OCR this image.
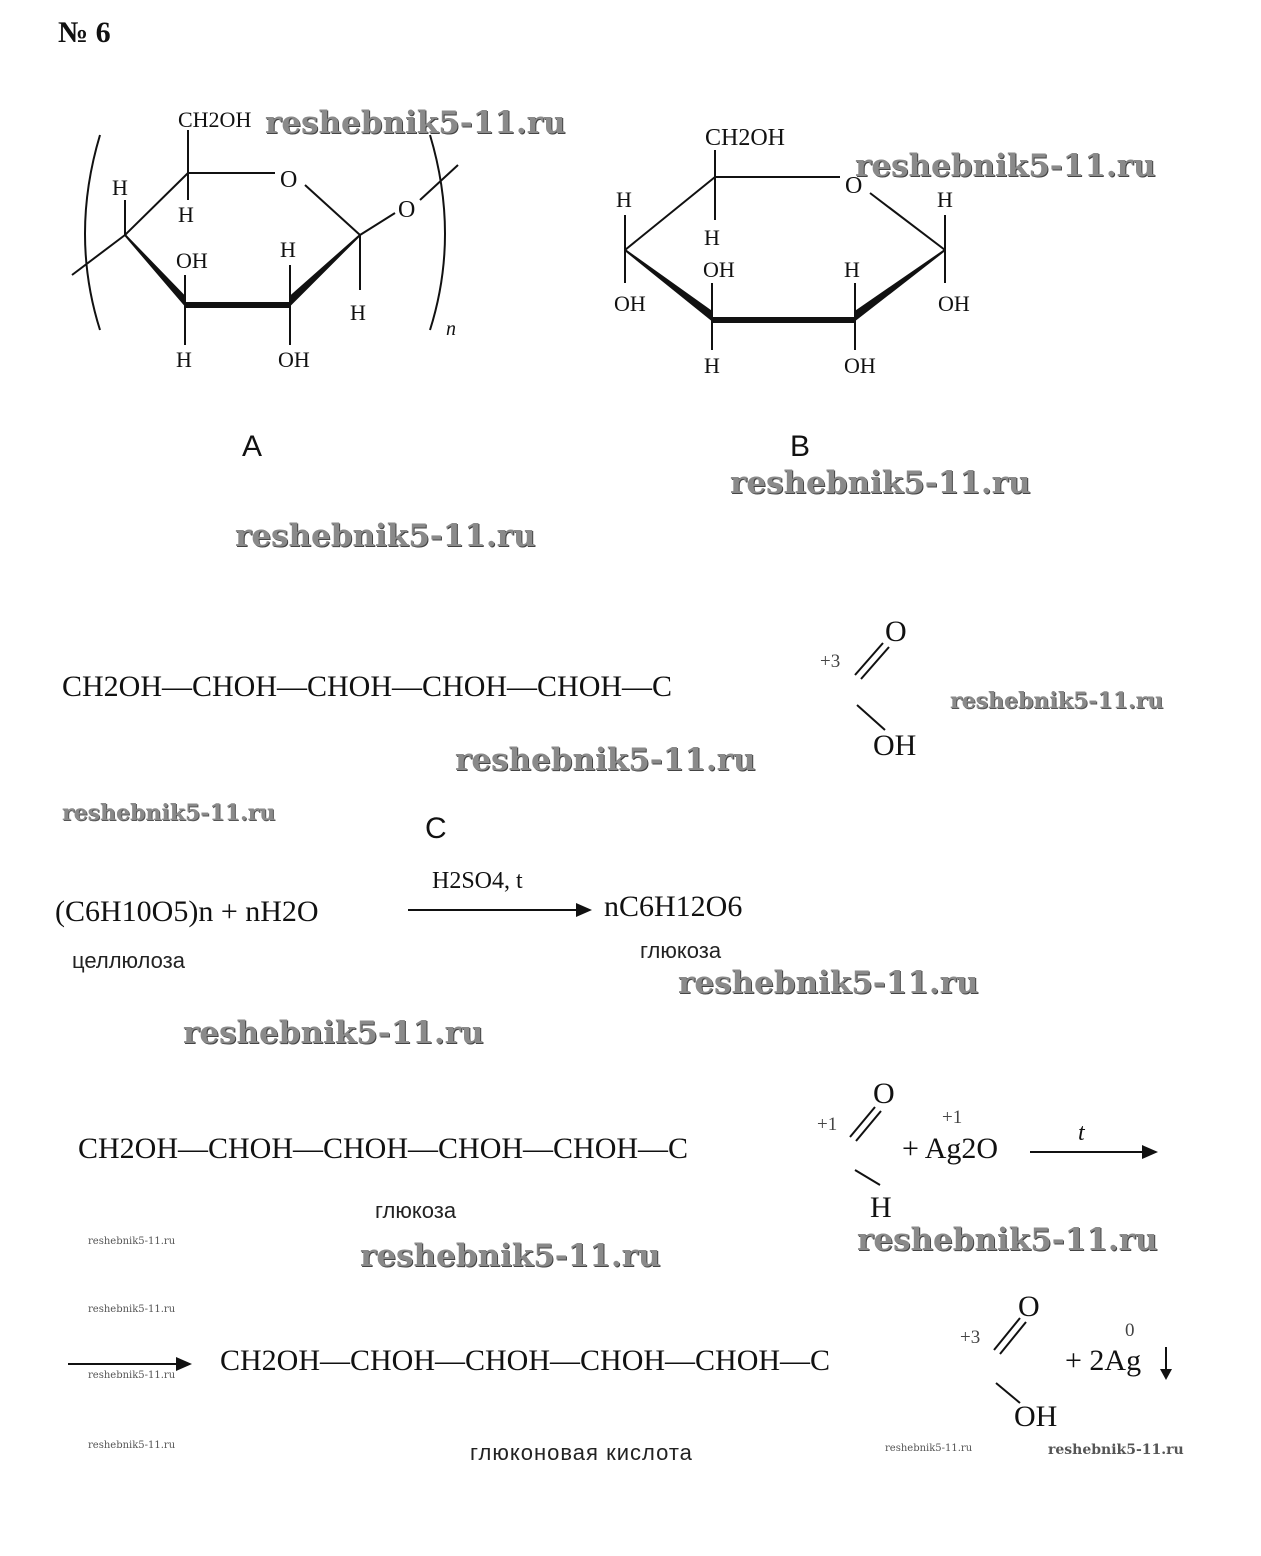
№ 6
CH2OH
O
O
H
H
OH	H
H
H	OH
n
CH2OH
O
H
H
H
OH	H
OH	OH
H	OH
A	B
CH2OH—CHOH—CHOH—CHOH—CHOH—C
+3
O
OH
C
(C6H10O5)n + nH2O
целлюлоза
H2SO4, t
nC6H12O6
глюкоза
CH2OH—CHOH—CHOH—CHOH—CHOH—C
+1
O
H
+1
+ Ag2O	t
глюкоза
CH2OH—CHOH—CHOH—CHOH—CHOH—C
+3
O
OH
0
+ 2Ag
глюконовая кислота
reshebnik5-11.ru
reshebnik5-11.ru
reshebnik5-11.ru
reshebnik5-11.ru
reshebnik5-11.ru
reshebnik5-11.ru
reshebnik5-11.ru
reshebnik5-11.ru
reshebnik5-11.ru
reshebnik5-11.ru	reshebnik5-11.ru
reshebnik5-11.ru
reshebnik5-11.ru
reshebnik5-11.ru
reshebnik5-11.ru	reshebnik5-11.ru	reshebnik5-11.ru
